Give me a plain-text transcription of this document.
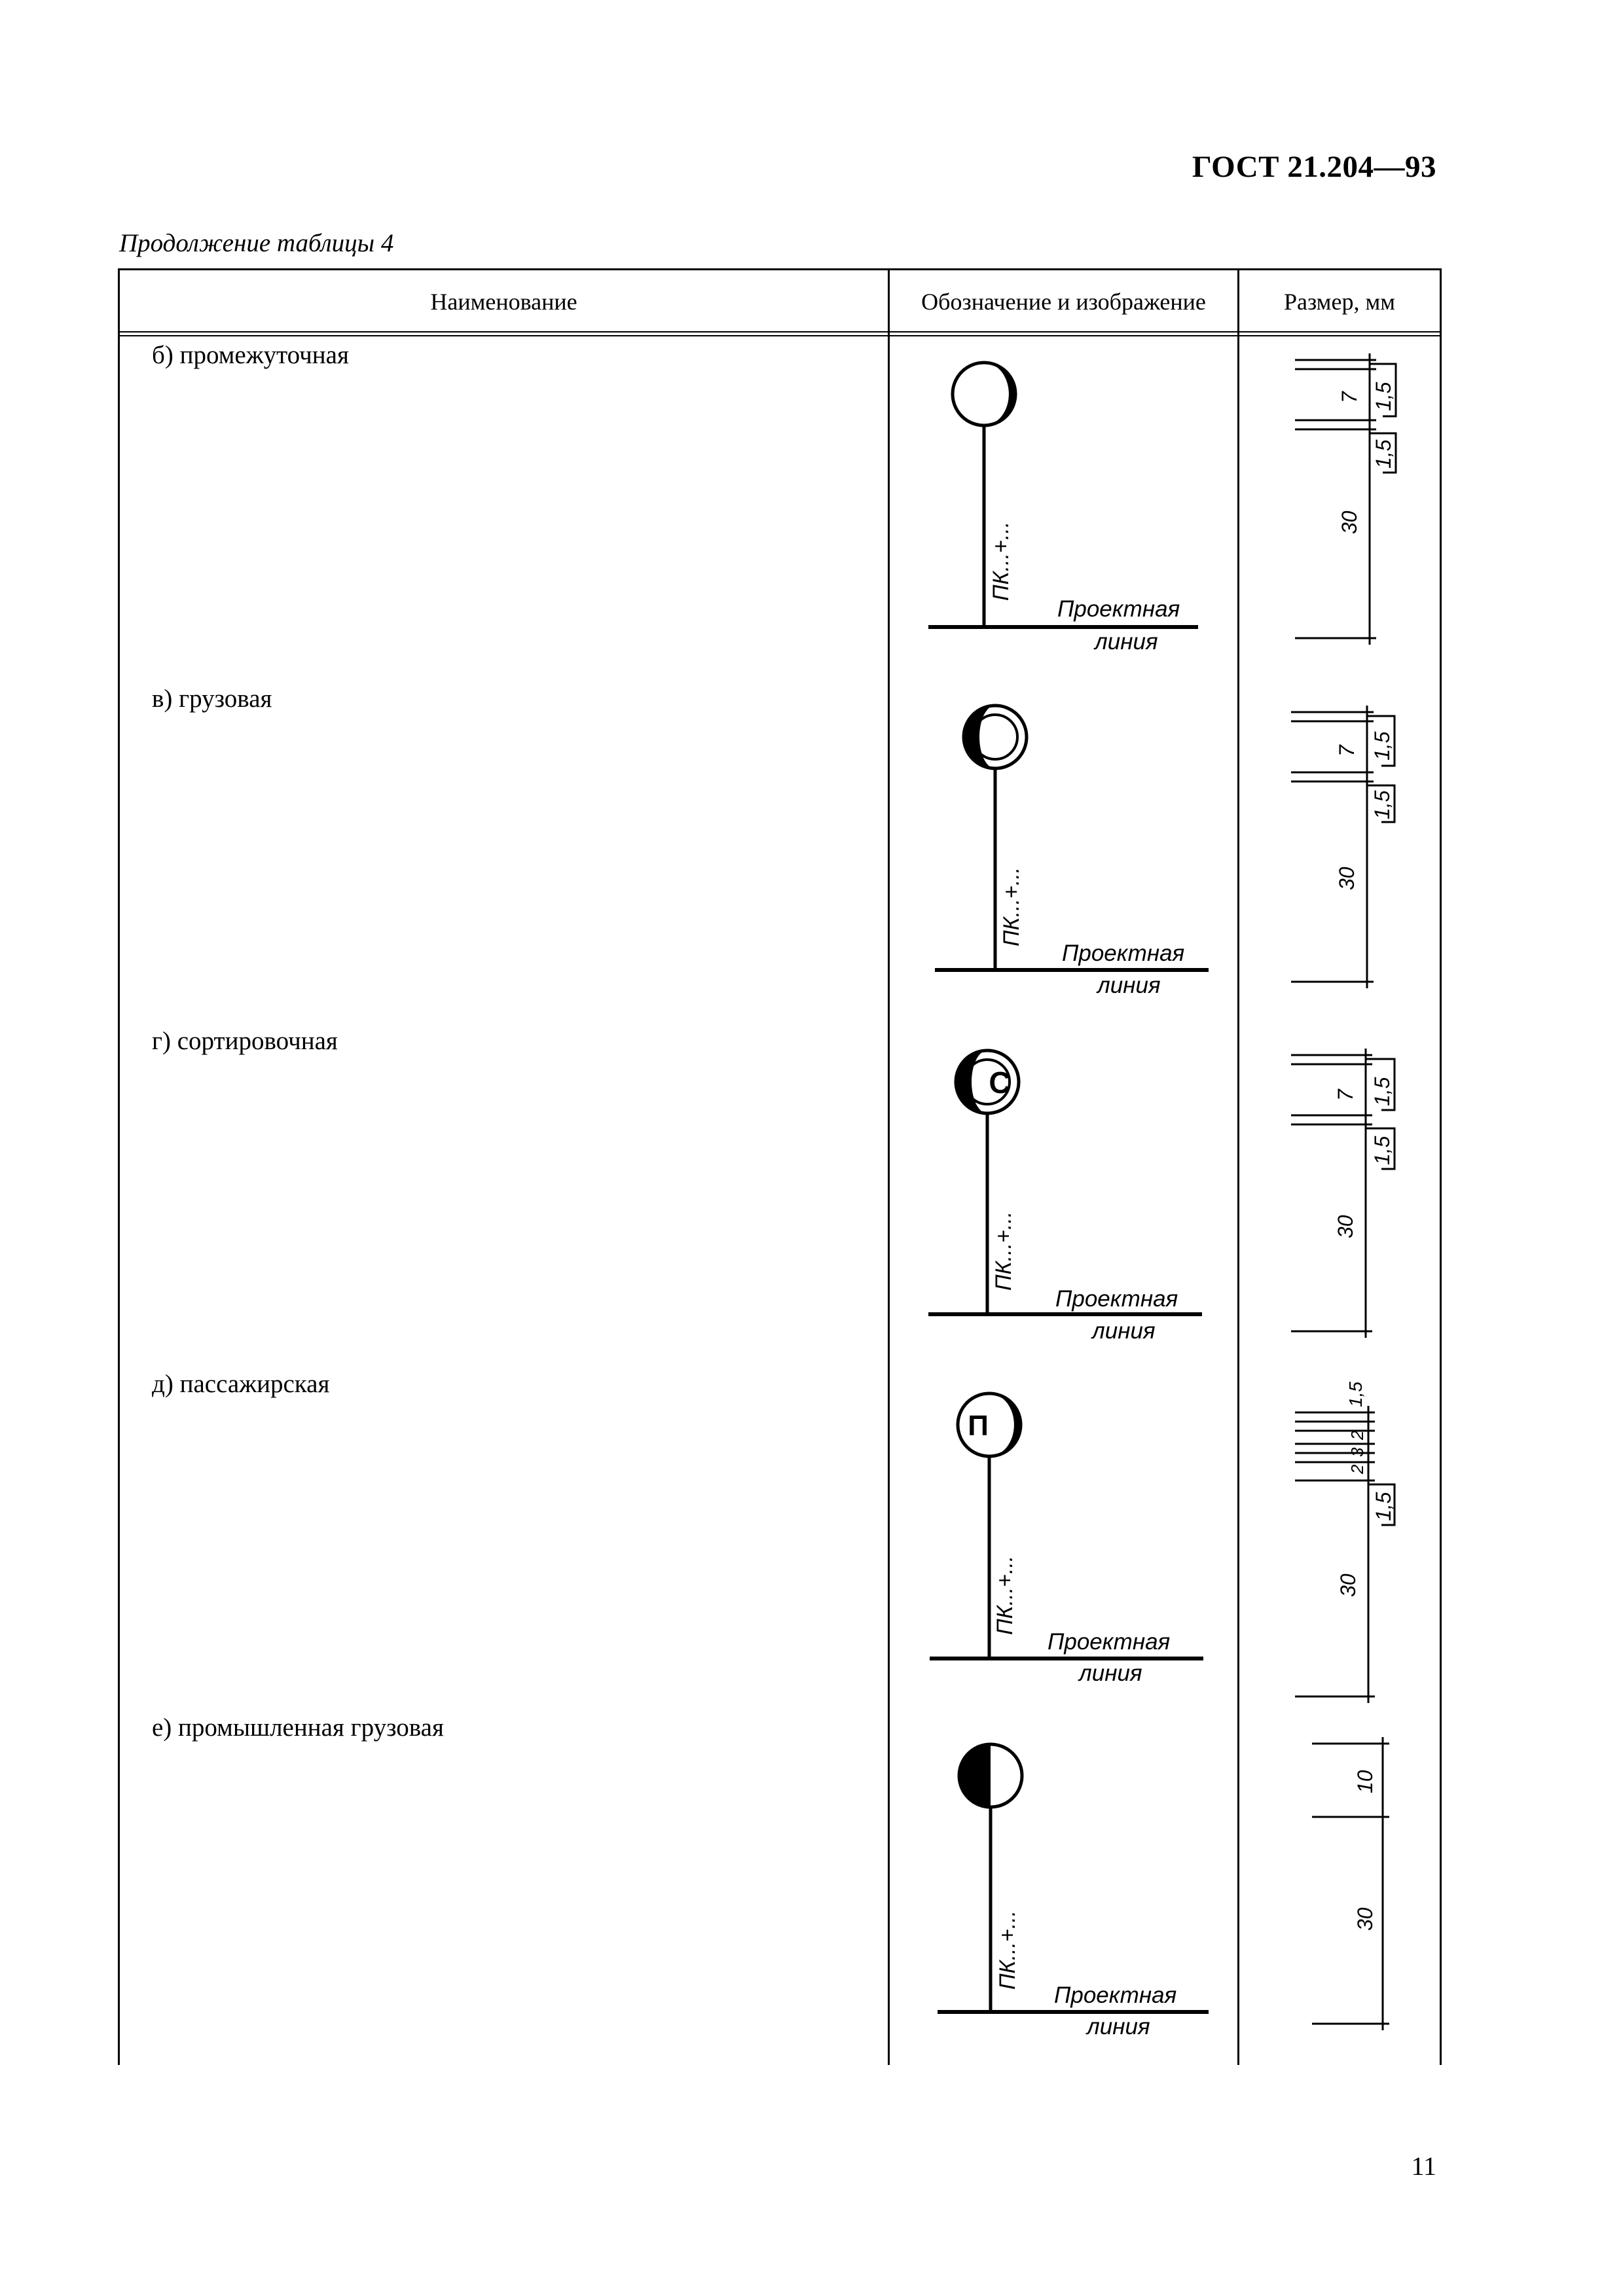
ГОСТ 21.204—93
Продолжение таблицы 4
Наименование	Обозначение и изображение	Размер, мм
б) промежуточная
в) грузовая
г) сортировочная
д) пассажирская
е) промышленная грузовая
ПК...+...
Проектная
линия
7 1,5
1,5
30
ПК...+...
Проектная
линия
7 1,5
1,5
30
С
ПК...+...
Проектная
линия
7 1,5
1,5
30
П
ПК...+...
Проектная
линия
1,5
2
3
2
1,5
30
ПК...+...
Проектная
линия
10
30
11
